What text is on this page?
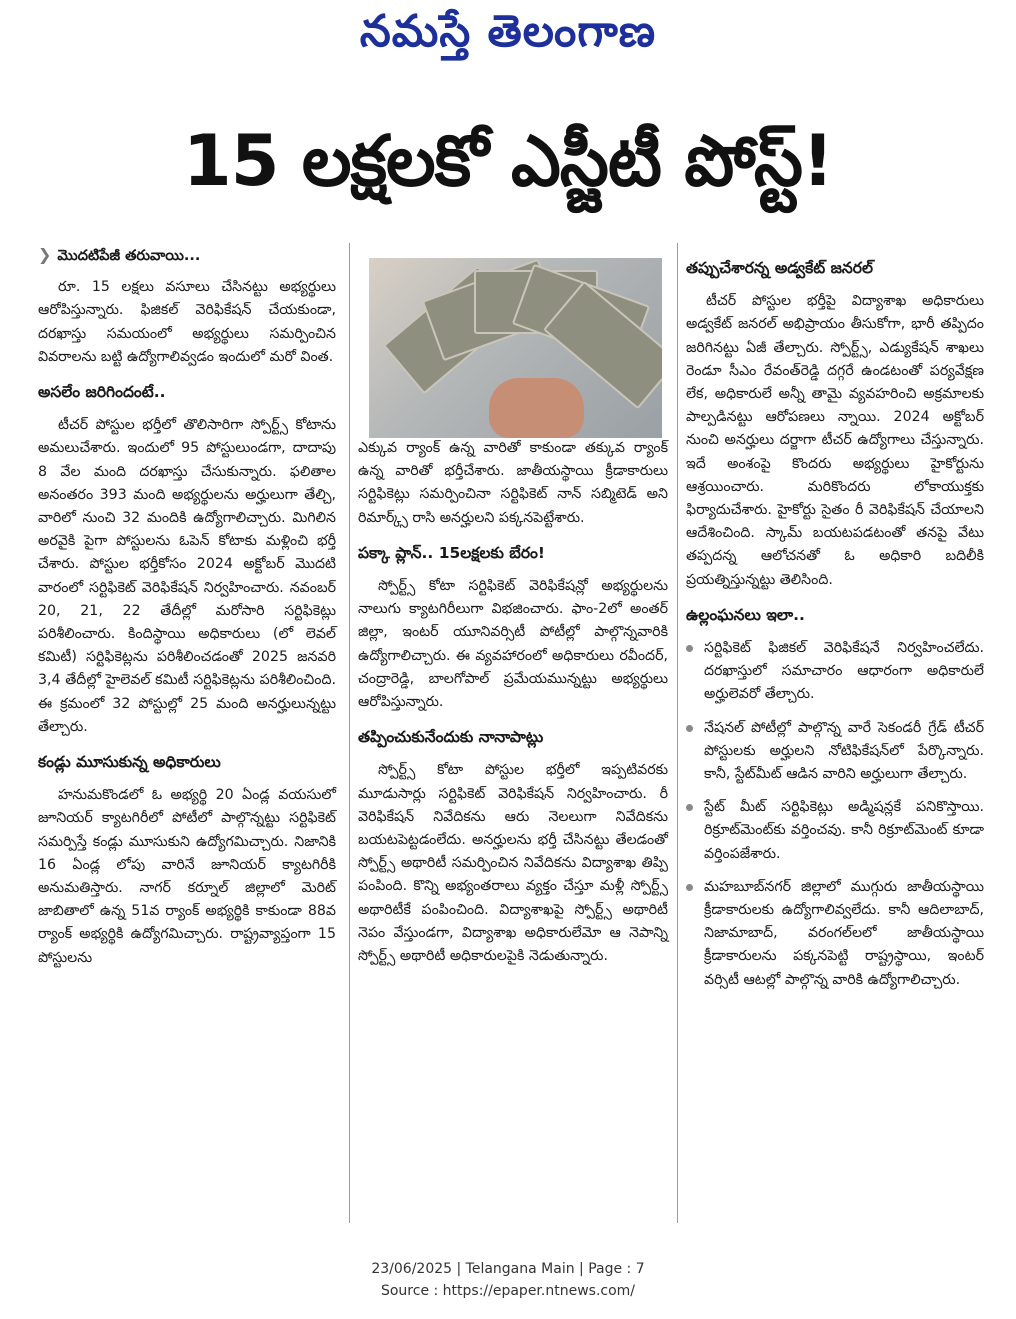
నమస్తే తెలంగాణ
15 లక్షలకో ఎస్జీటీ పోస్ట్!
❯ మొదటిపేజీ తరువాయి...

రూ. 15 లక్షలు వసూలు చేసినట్టు అభ్యర్థులు ఆరోపిస్తున్నారు. ఫిజికల్ వెరిఫికేషన్ చేయకుండా, దరఖాస్తు సమయంలో అభ్యర్థులు సమర్పించిన వివరాలను బట్టి ఉద్యోగాలివ్వడం ఇందులో మరో వింత.

అసలేం జరిగిందంటే..

టీచర్ పోస్టుల భర్తీలో తొలిసారిగా స్పోర్ట్స్ కోటాను అమలుచేశారు. ఇందులో 95 పోస్టులుండగా, దాదాపు 8 వేల మంది దరఖాస్తు చేసుకున్నారు. ఫలితాల అనంతరం 393 మంది అభ్యర్థులను అర్హులుగా తేల్చి, వారిలో నుంచి 32 మందికి ఉద్యోగాలిచ్చారు. మిగిలిన అరవైకి పైగా పోస్టులను ఓపెన్ కోటాకు మళ్లించి భర్తీ చేశారు. పోస్టుల భర్తీకోసం 2024 అక్టోబర్ మొదటి వారంలో సర్టిఫికెట్ వెరిఫికేషన్ నిర్వహించారు. నవంబర్ 20, 21, 22 తేదీల్లో మరోసారి సర్టిఫికెట్లు పరిశీలించారు. కిందిస్థాయి అధికారులు (లో లెవల్ కమిటీ) సర్టిఫికెట్లను పరిశీలించడంతో 2025 జనవరి 3,4 తేదీల్లో హైలెవల్ కమిటీ సర్టిఫికెట్లను పరిశీలించింది. ఈ క్రమంలో 32 పోస్టుల్లో 25 మంది అనర్హులున్నట్టు తేల్చారు.

కండ్లు మూసుకున్న అధికారులు

హనుమకొండలో ఓ అభ్యర్థి 20 ఏండ్ల వయసులో జూనియర్ క్యాటగిరీలో పోటీలో పాల్గొన్నట్టు సర్టిఫికెట్ సమర్పిస్తే కండ్లు మూసుకుని ఉద్యోగమిచ్చారు. నిజానికి 16 ఏండ్ల లోపు వారినే జూనియర్ క్యాటగిరీకి అనుమతిస్తారు. నాగర్ కర్నూల్ జిల్లాలో మెరిట్ జాబితాలో ఉన్న 51వ ర్యాంక్ అభ్యర్థికి కాకుండా 88వ ర్యాంక్ అభ్యర్థికి ఉద్యోగమిచ్చారు. రాష్ట్రవ్యాప్తంగా 15 పోస్టులను

ఎక్కువ ర్యాంక్ ఉన్న వారితో కాకుండా తక్కువ ర్యాంక్ ఉన్న వారితో భర్తీచేశారు. జాతీయస్థాయి క్రీడాకారులు సర్టిఫికెట్లు సమర్పించినా సర్టిఫికెట్ నాన్ సబ్మిటెడ్ అని రిమార్క్స్ రాసి అనర్హులని పక్కనపెట్టేశారు.

పక్కా ప్లాన్.. 15లక్షలకు బేరం!

స్పోర్ట్స్ కోటా సర్టిఫికెట్ వెరిఫికేషన్లో అభ్యర్థులను నాలుగు క్యాటగిరీలుగా విభజించారు. ఫాం-2లో అంతర్ జిల్లా, ఇంటర్ యూనివర్సిటీ పోటీల్లో పాల్గొన్నవారికి ఉద్యోగాలిచ్చారు. ఈ వ్యవహారంలో అధికారులు రవీందర్, చంద్రారెడ్డి, బాలగోపాల్ ప్రమేయమున్నట్టు అభ్యర్థులు ఆరోపిస్తున్నారు.

తప్పించుకునేందుకు నానాపాట్లు

స్పోర్ట్స్ కోటా పోస్టుల భర్తీలో ఇప్పటివరకు మూడుసార్లు సర్టిఫికెట్ వెరిఫికేషన్ నిర్వహించారు. రీ వెరిఫికేషన్ నివేదికను ఆరు నెలలుగా నివేదికను బయటపెట్టడంలేదు. అనర్హులను భర్తీ చేసినట్టు తేలడంతో స్పోర్ట్స్ అథారిటీ సమర్పించిన నివేదికను విద్యాశాఖ తిప్పి పంపింది. కొన్ని అభ్యంతరాలు వ్యక్తం చేస్తూ మళ్లీ స్పోర్ట్స్ అథారిటీకే పంపించింది. విద్యాశాఖపై స్పోర్ట్స్ అథారిటీ నెపం వేస్తుండగా, విద్యాశాఖ అధికారులేమో ఆ నెపాన్ని స్పోర్ట్స్ అథారిటీ అధికారులపైకి నెడుతున్నారు.

తప్పుచేశారన్న అడ్వకేట్ జనరల్

టీచర్ పోస్టుల భర్తీపై విద్యాశాఖ అధికారులు అడ్వకేట్ జనరల్ అభిప్రాయం తీసుకోగా, భారీ తప్పిదం జరిగినట్టు ఏజీ తేల్చారు. స్పోర్ట్స్, ఎడ్యుకేషన్ శాఖలు రెండూ సీఎం రేవంత్‌రెడ్డి దగ్గరే ఉండటంతో పర్యవేక్షణ లేక, అధికారులే అన్నీ తామై వ్యవహరించి అక్రమాలకు పాల్పడినట్టు ఆరోపణలు న్నాయి. 2024 అక్టోబర్ నుంచి అనర్హులు దర్జాగా టీచర్ ఉద్యోగాలు చేస్తున్నారు. ఇదే అంశంపై కొందరు అభ్యర్థులు హైకోర్టును ఆశ్రయించారు. మరికొందరు లోకాయుక్తకు ఫిర్యాదుచేశారు. హైకోర్టు సైతం రీ వెరిఫికేషన్ చేయాలని ఆదేశించింది. స్కామ్ బయటపడటంతో తనపై వేటు తప్పదన్న ఆలోచనతో ఓ అధికారి బదిలీకి ప్రయత్నిస్తున్నట్టు తెలిసింది.

ఉల్లంఘనలు ఇలా..
సర్టిఫికెట్ ఫిజికల్ వెరిఫికేషనే నిర్వహించలేదు. దరఖాస్తులో సమాచారం ఆధారంగా అధికారులే అర్హులెవరో తేల్చారు.
నేషనల్ పోటీల్లో పాల్గొన్న వారే సెకండరీ గ్రేడ్ టీచర్ పోస్టులకు అర్హులని నోటిఫికేషన్‌లో పేర్కొన్నారు. కానీ, స్టేట్‌మీట్ ఆడిన వారిని అర్హులుగా తేల్చారు.
స్టేట్ మీట్ సర్టిఫికెట్లు అడ్మిషన్లకే పనికొస్తాయి. రిక్రూట్‌మెంట్‌కు వర్తించవు. కానీ రిక్రూట్‌మెంట్ కూడా వర్తింపజేశారు.
మహబూబ్‌నగర్ జిల్లాలో ముగ్గురు జాతీయస్థాయి క్రీడాకారులకు ఉద్యోగాలివ్వలేదు. కానీ ఆదిలాబాద్, నిజామాబాద్, వరంగల్‌లలో జాతీయస్థాయి క్రీడాకారులను పక్కనపెట్టి రాష్ట్రస్థాయి, ఇంటర్ వర్సిటీ ఆటల్లో పాల్గొన్న వారికి ఉద్యోగాలిచ్చారు.
23/06/2025 | Telangana Main | Page : 7
Source : https://epaper.ntnews.com/
